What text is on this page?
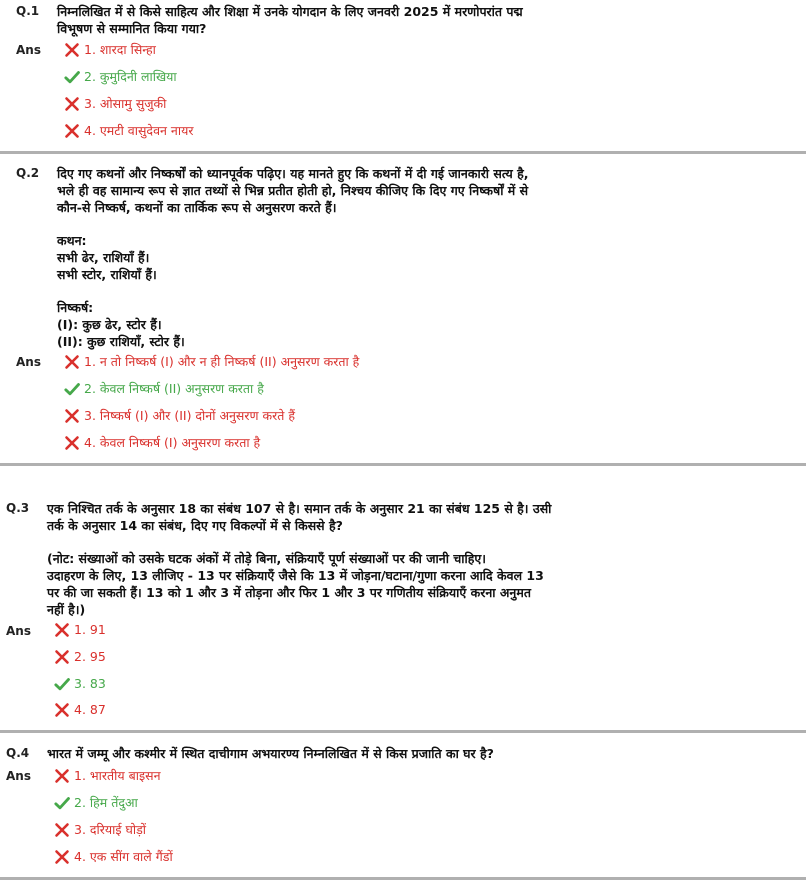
Q.1 निम्नलिखित में से किसे साहित्य और शिक्षा में उनके योगदान के लिए जनवरी 2025 में मरणोपरांत पद्म

विभूषण से सम्मानित किया गया?

Ans	1. शारदा सिन्हा
2. कुमुदिनी लाखिया
3. ओसामु सुजुकी
4. एमटी वासुदेवन नायर
Q.2 दिए गए कथनों और निष्कर्षों को ध्यानपूर्वक पढ़िए। यह मानते हुए कि कथनों में दी गई जानकारी सत्य है,

भले ही वह सामान्य रूप से ज्ञात तथ्यों से भिन्न प्रतीत होती हो, निश्चय कीजिए कि दिए गए निष्कर्षों में से

कौन-से निष्कर्ष, कथनों का तार्किक रूप से अनुसरण करते हैं।

कथन:

सभी ढेर, राशियाँ हैं।

सभी स्टोर, राशियाँ हैं।

निष्कर्ष:

(I): कुछ ढेर, स्टोर हैं।

(II): कुछ राशियाँ, स्टोर हैं।

Ans	1. न तो निष्कर्ष (I) और न ही निष्कर्ष (II) अनुसरण करता है
2. केवल निष्कर्ष (II) अनुसरण करता है
3. निष्कर्ष (I) और (II) दोनों अनुसरण करते हैं
4. केवल निष्कर्ष (I) अनुसरण करता है
Q.3 एक निश्चित तर्क के अनुसार 18 का संबंध 107 से है। समान तर्क के अनुसार 21 का संबंध 125 से है। उसी

तर्क के अनुसार 14 का संबंध, दिए गए विकल्पों में से किससे है?

(नोट: संख्याओं को उसके घटक अंकों में तोड़े बिना, संक्रियाएँ पूर्ण संख्याओं पर की जानी चाहिए।

उदाहरण के लिए, 13 लीजिए - 13 पर संक्रियाएँ जैसे कि 13 में जोड़ना/घटाना/गुणा करना आदि केवल 13

पर की जा सकती हैं। 13 को 1 और 3 में तोड़ना और फिर 1 और 3 पर गणितीय संक्रियाएँ करना अनुमत

नहीं है।)

Ans	1. 91
2. 95
3. 83
4. 87
Q.4 भारत में जम्मू और कश्मीर में स्थित दाचीगाम अभयारण्य निम्नलिखित में से किस प्रजाति का घर है?

Ans	1. भारतीय बाइसन
2. हिम तेंदुआ
3. दरियाई घोड़ों
4. एक सींग वाले गैंडों
